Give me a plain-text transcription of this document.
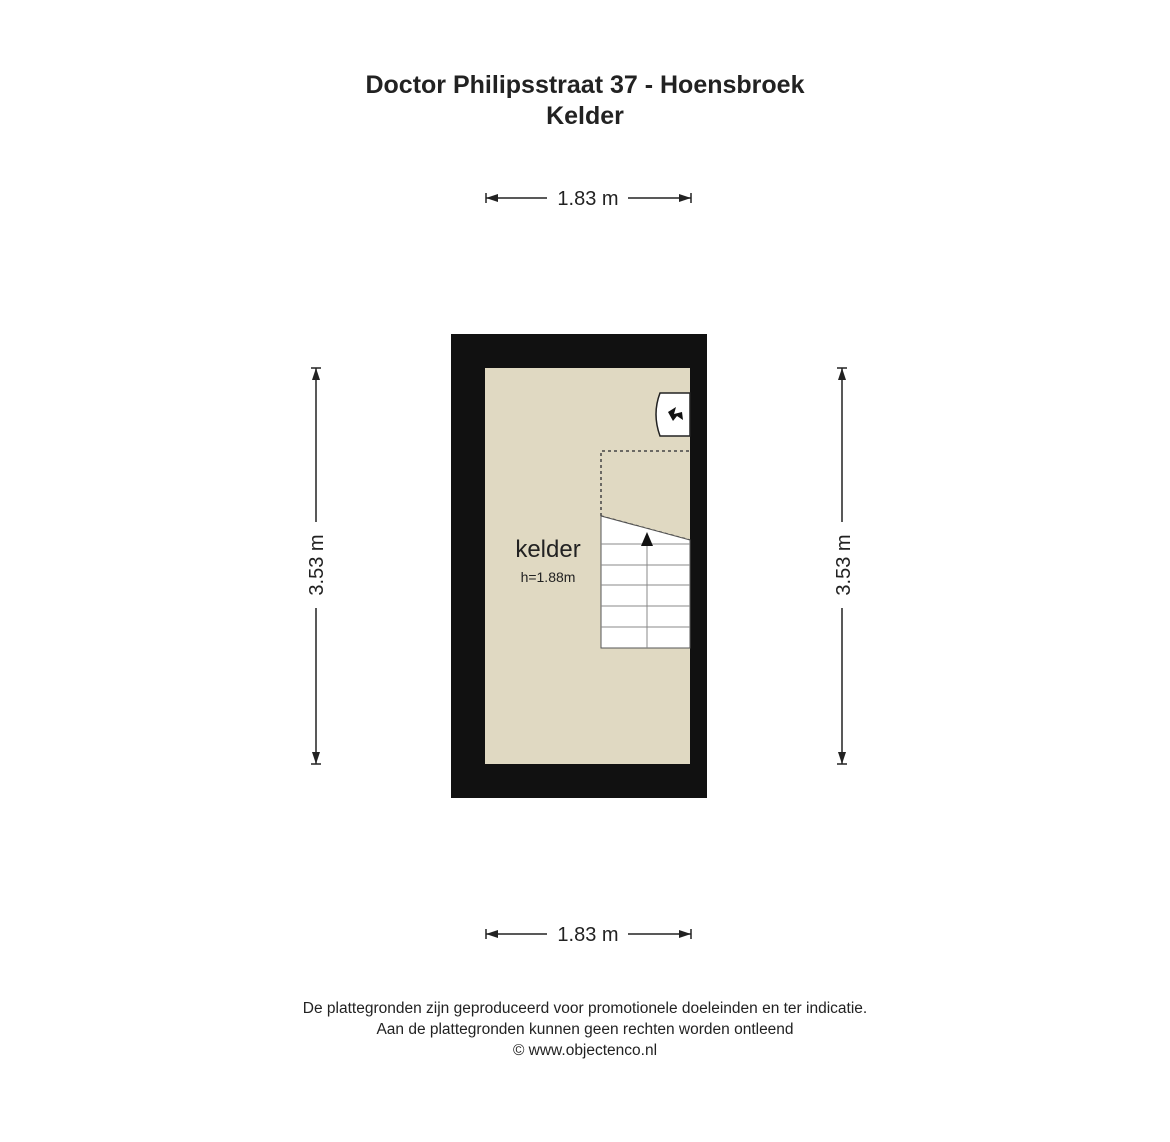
Doctor Philipsstraat 37 - Hoensbroek
Kelder
1.83 m
1.83 m
3.53 m	3.53 m
kelder
h=1.88m
De plattegronden zijn geproduceerd voor promotionele doeleinden en ter indicatie.
Aan de plattegronden kunnen geen rechten worden ontleend
© www.objectenco.nl
